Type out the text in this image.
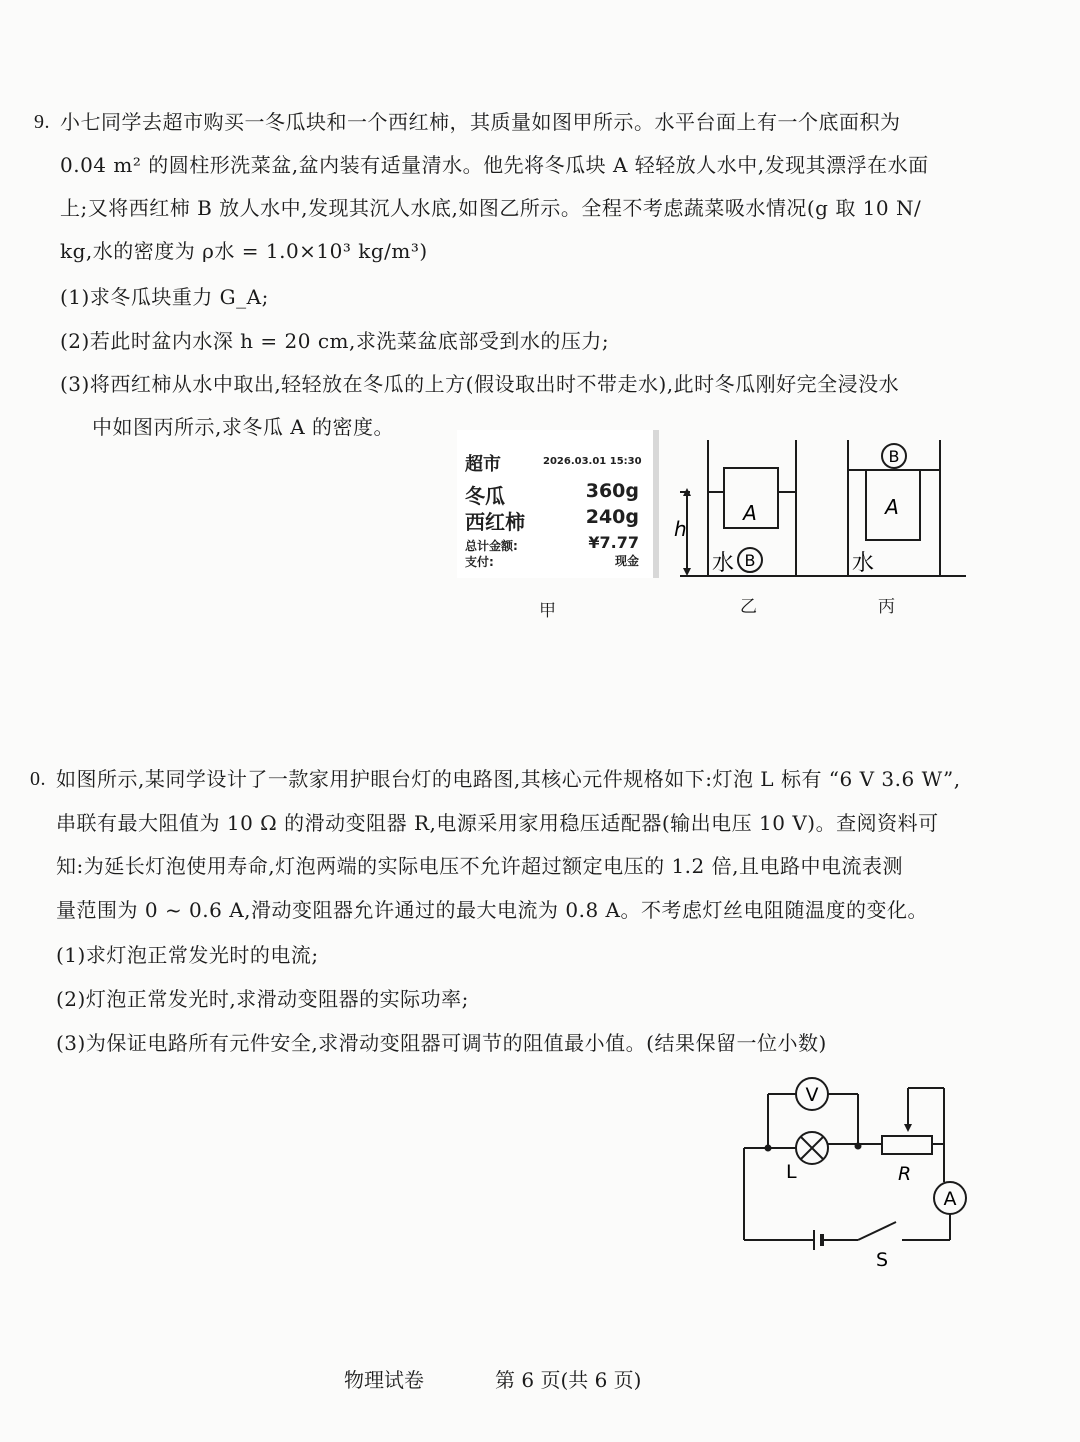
9. 小七同学去超市购买一冬瓜块和一个西红柿，其质量如图甲所示。水平台面上有一个底面积为
0.04 m² 的圆柱形洗菜盆,盆内装有适量清水。他先将冬瓜块 A 轻轻放人水中,发现其漂浮在水面
上;又将西红柿 B 放人水中,发现其沉人水底,如图乙所示。全程不考虑蔬菜吸水情况(g 取 10 N/
kg,水的密度为 ρ水 = 1.0×10³ kg/m³)
(1)求冬瓜块重力 G_A;
(2)若此时盆内水深 h = 20 cm,求洗菜盆底部受到水的压力;
(3)将西红柿从水中取出,轻轻放在冬瓜的上方(假设取出时不带走水),此时冬瓜刚好完全浸没水
中如图丙所示,求冬瓜 A 的密度。
超市	2026.03.01 15:30
冬瓜	360g
西红柿	240g
总计金额:	¥7.77
支付:	现金
A
B
水
h
A
B
水
甲	乙	丙
0. 如图所示,某同学设计了一款家用护眼台灯的电路图,其核心元件规格如下:灯泡 L 标有 “6 V 3.6 W”,
串联有最大阻值为 10 Ω 的滑动变阻器 R,电源采用家用稳压适配器(输出电压 10 V)。查阅资料可
知:为延长灯泡使用寿命,灯泡两端的实际电压不允许超过额定电压的 1.2 倍,且电路中电流表测
量范围为 0 ~ 0.6 A,滑动变阻器允许通过的最大电流为 0.8 A。不考虑灯丝电阻随温度的变化。
(1)求灯泡正常发光时的电流;
(2)灯泡正常发光时,求滑动变阻器的实际功率;
(3)为保证电路所有元件安全,求滑动变阻器可调节的阻值最小值。(结果保留一位小数)
V
A
L	R
S
物理试卷	第 6 页(共 6 页)
